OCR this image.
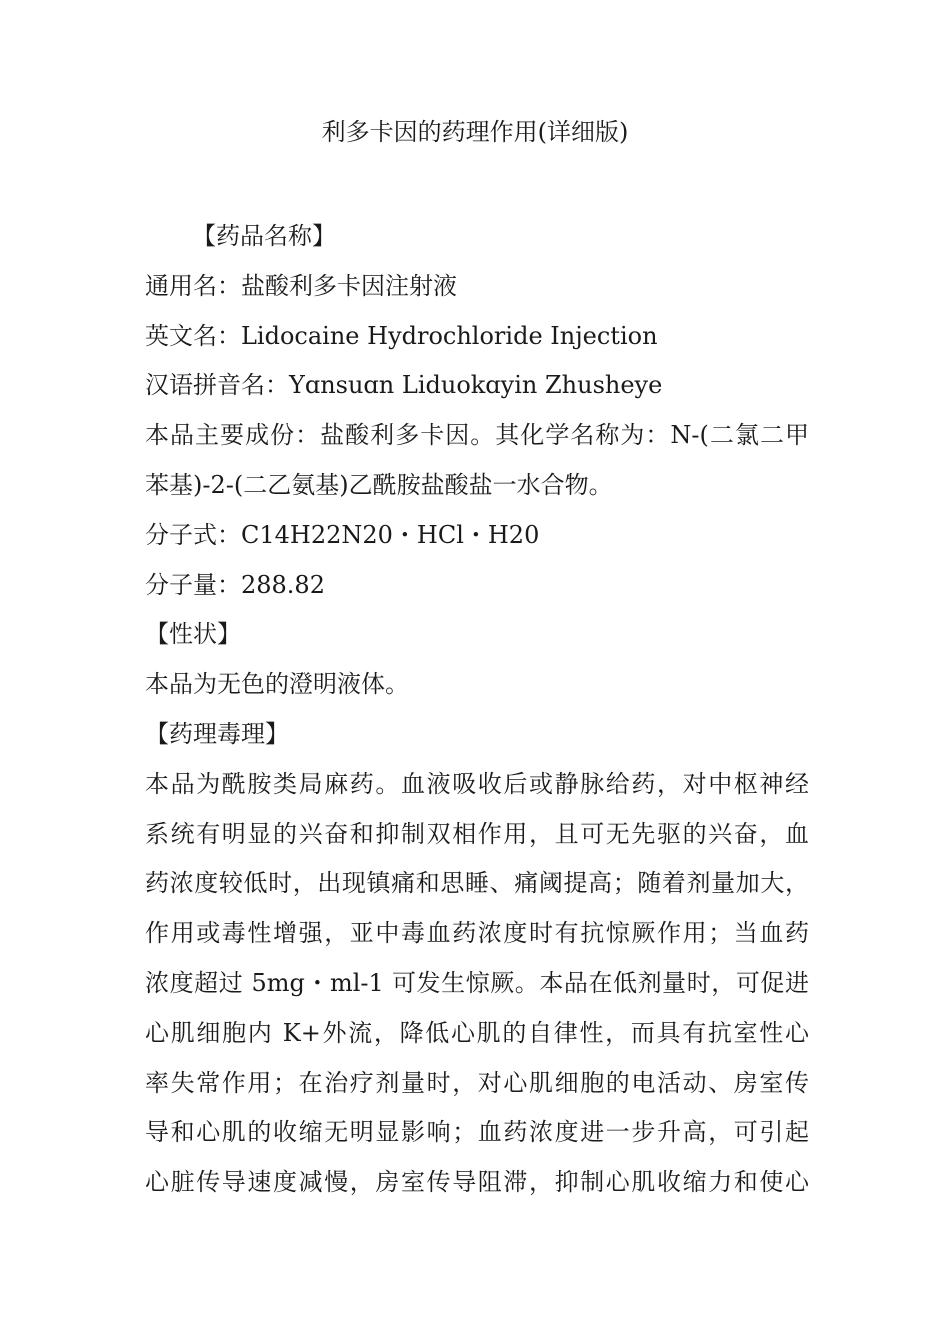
利多卡因的药理作用(详细版)
【药品名称】
通用名：盐酸利多卡因注射液
英文名：Lidocaine Hydrochloride Injection
汉语拼音名：Yɑnsuɑn Liduokɑyin Zhusheye
本品主要成份：盐酸利多卡因。其化学名称为：N-(二氯二甲
苯基)-2-(二乙氨基)乙酰胺盐酸盐一水合物。
分子式：C14H22N20・HCl・H20
分子量：288.82
【性状】
本品为无色的澄明液体。
【药理毒理】
本品为酰胺类局麻药。血液吸收后或静脉给药，对中枢神经
系统有明显的兴奋和抑制双相作用，且可无先驱的兴奋，血
药浓度较低时，出现镇痛和思睡、痛阈提高；随着剂量加大，
作用或毒性增强，亚中毒血药浓度时有抗惊厥作用；当血药
浓度超过 5mg・ml-1 可发生惊厥。本品在低剂量时，可促进
心肌细胞内 K+外流，降低心肌的自律性，而具有抗室性心
率失常作用；在治疗剂量时，对心肌细胞的电活动、房室传
导和心肌的收缩无明显影响；血药浓度进一步升高，可引起
心脏传导速度减慢，房室传导阻滞，抑制心肌收缩力和使心
